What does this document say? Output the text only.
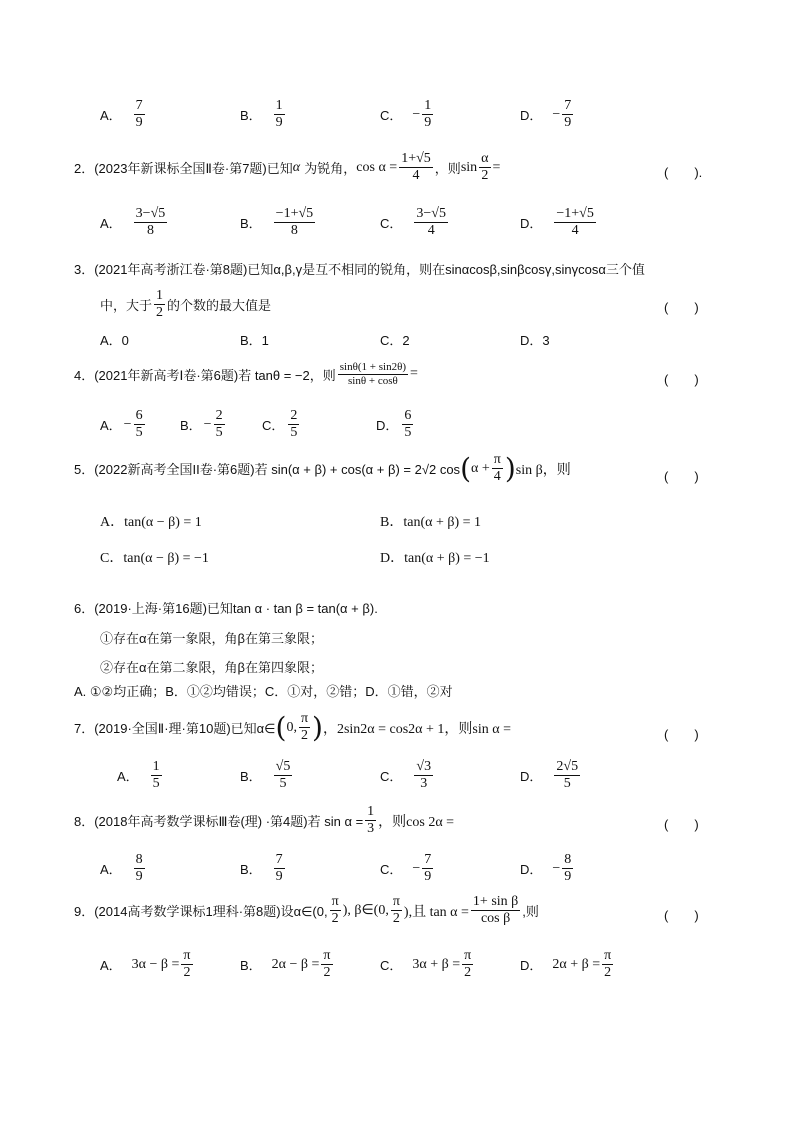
A． $\frac{7}{9}$	B． $\frac{1}{9}$	C． − $\frac{1}{9}$	D． − $\frac{7}{9}$
2．(2023年新课标全国Ⅱ卷·第7题)已知 α
为锐角， $\cos \alpha = \frac{1+√5}{4}$ ，则 $\sin \frac{\alpha}{2}$ =	(　　).
A． $\frac{3-√5}{8}$	B． $\frac{-1+√5}{8}$	C． $\frac{3-√5}{4}$	D． $\frac{-1+√5}{4}$
3．(2021年高考浙江卷·第8题)已知α,β,γ是互不相同的锐角，则在sinαcosβ,sinβcosγ,sinγcosα三个值
中，大于 $\frac{1}{2}$ 的个数的最大值是	(　　)
A．0	B．1	C．2	D．3
4．(2021年新高考Ⅰ卷·第6题)若 tanθ = −2，则 $\frac{\sin\theta(1 + \sin 2\theta)}{\sin\theta + \cos\theta}$ =	(　　)
A． − $\frac{6}{5}$	B． − $\frac{2}{5}$	C． $\frac{2}{5}$	D． $\frac{6}{5}$
5．(2022新高考全国II卷·第6题)若 sin(α + β) + cos(α + β) = 2√2 cos ( $\alpha + \frac{\pi}{4}$ ) sin β，则	(　　)
A．tan(α − β) = 1	B．tan(α + β) = 1
C．tan(α − β) = −1	D．tan(α + β) = −1
6．(2019·上海·第16题)已知tan α · tan β = tan(α + β).
①存在α在第一象限，角β在第三象限；
②存在α在第二象限，角β在第四象限；
A. ①②均正确；B．①②均错误；C．①对，②错；D．①错，②对
7．(2019·全国Ⅱ·理·第10题)已知α∈ ( 0, $\frac{\pi}{2}$ ) ，2sin2α = cos2α + 1，则sin α =	(　　)
A． $\frac{1}{5}$	B． $\frac{√5}{5}$	C． $\frac{√3}{3}$	D． $\frac{2√5}{5}$
8．(2018年高考数学课标Ⅲ卷(理) ·第4题)若 $\sin \alpha = \frac{1}{3}$ ，则cos 2α =	(　　)
A． $\frac{8}{9}$	B． $\frac{7}{9}$	C． − $\frac{7}{9}$	D． − $\frac{8}{9}$
9．(2014高考数学课标1理科·第8题)设α∈(0, $\frac{\pi}{2}$ ), β∈(0, $\frac{\pi}{2}$ ),且 $\tan \alpha = \frac{\text{1+ sin β}}{\text{cos β}}$ ,则	(　　)
A． $3\alpha - \beta = \frac{\pi}{2}$	B． $2\alpha - \beta = \frac{\pi}{2}$	C． $3\alpha + \beta = \frac{\pi}{2}$	D． $2\alpha + \beta = \frac{\pi}{2}$
